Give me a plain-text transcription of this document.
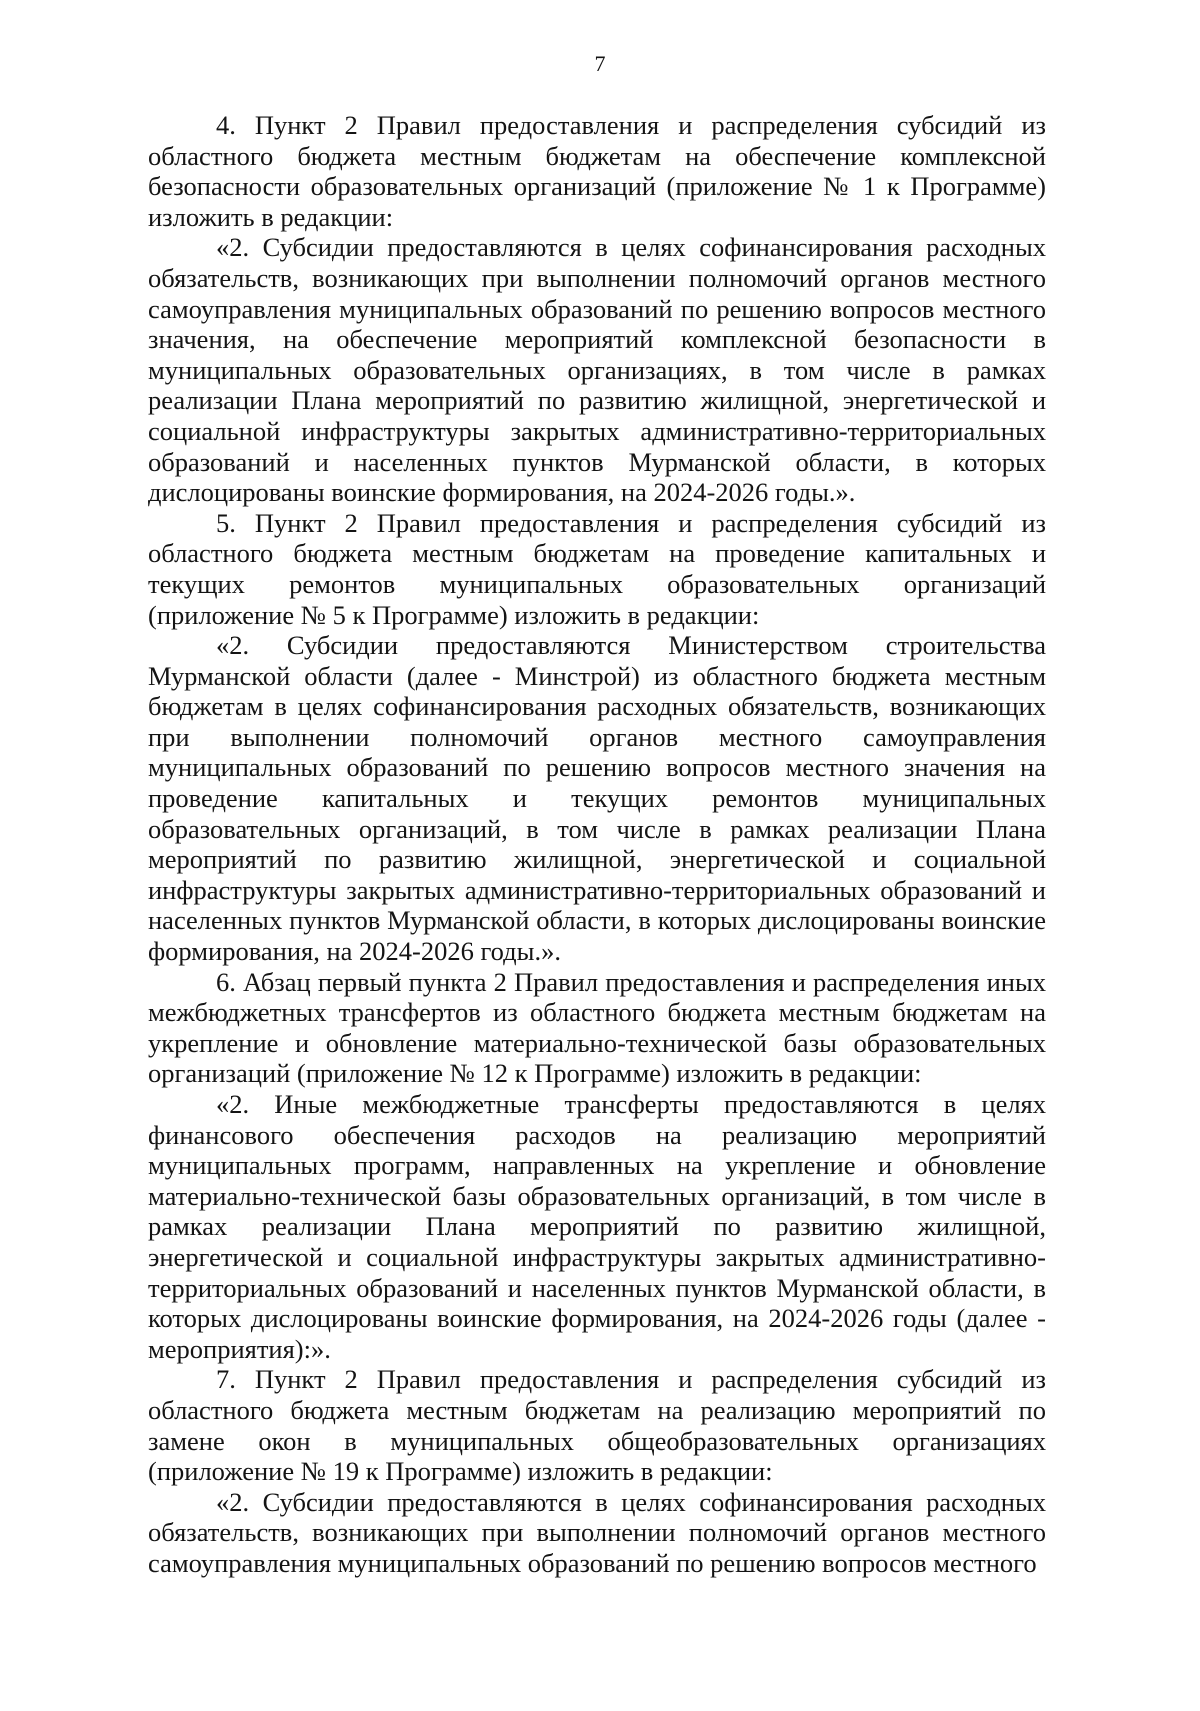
7

4. Пункт 2 Правил предоставления и распределения субсидий из областного бюджета местным бюджетам на обеспечение комплексной безопасности образовательных организаций (приложение № 1 к Программе) изложить в редакции:

«2. Субсидии предоставляются в целях софинансирования расходных обязательств, возникающих при выполнении полномочий органов местного самоуправления муниципальных образований по решению вопросов местного значения, на обеспечение мероприятий комплексной безопасности в муниципальных образовательных организациях, в том числе в рамках реализации Плана мероприятий по развитию жилищной, энергетической и социальной инфраструктуры закрытых административно-территориальных образований и населенных пунктов Мурманской области, в которых дислоцированы воинские формирования, на 2024-2026 годы.».

5. Пункт 2 Правил предоставления и распределения субсидий из областного бюджета местным бюджетам на проведение капитальных и текущих ремонтов муниципальных образовательных организаций (приложение № 5 к Программе) изложить в редакции:

«2. Субсидии предоставляются Министерством строительства Мурманской области (далее - Минстрой) из областного бюджета местным бюджетам в целях софинансирования расходных обязательств, возникающих при выполнении полномочий органов местного самоуправления муниципальных образований по решению вопросов местного значения на проведение капитальных и текущих ремонтов муниципальных образовательных организаций, в том числе в рамках реализации Плана мероприятий по развитию жилищной, энергетической и социальной инфраструктуры закрытых административно-территориальных образований и населенных пунктов Мурманской области, в которых дислоцированы воинские формирования, на 2024-2026 годы.».

6. Абзац первый пункта 2 Правил предоставления и распределения иных межбюджетных трансфертов из областного бюджета местным бюджетам на укрепление и обновление материально-технической базы образовательных организаций (приложение № 12 к Программе) изложить в редакции:

«2. Иные межбюджетные трансферты предоставляются в целях финансового обеспечения расходов на реализацию мероприятий муниципальных программ, направленных на укрепление и обновление материально-технической базы образовательных организаций, в том числе в рамках реализации Плана мероприятий по развитию жилищной, энергетической и социальной инфраструктуры закрытых административно-территориальных образований и населенных пунктов Мурманской области, в которых дислоцированы воинские формирования, на 2024-2026 годы (далее - мероприятия):».

7. Пункт 2 Правил предоставления и распределения субсидий из областного бюджета местным бюджетам на реализацию мероприятий по замене окон в муниципальных общеобразовательных организациях (приложение № 19 к Программе) изложить в редакции:

«2. Субсидии предоставляются в целях софинансирования расходных обязательств, возникающих при выполнении полномочий органов местного самоуправления муниципальных образований по решению вопросов местного
